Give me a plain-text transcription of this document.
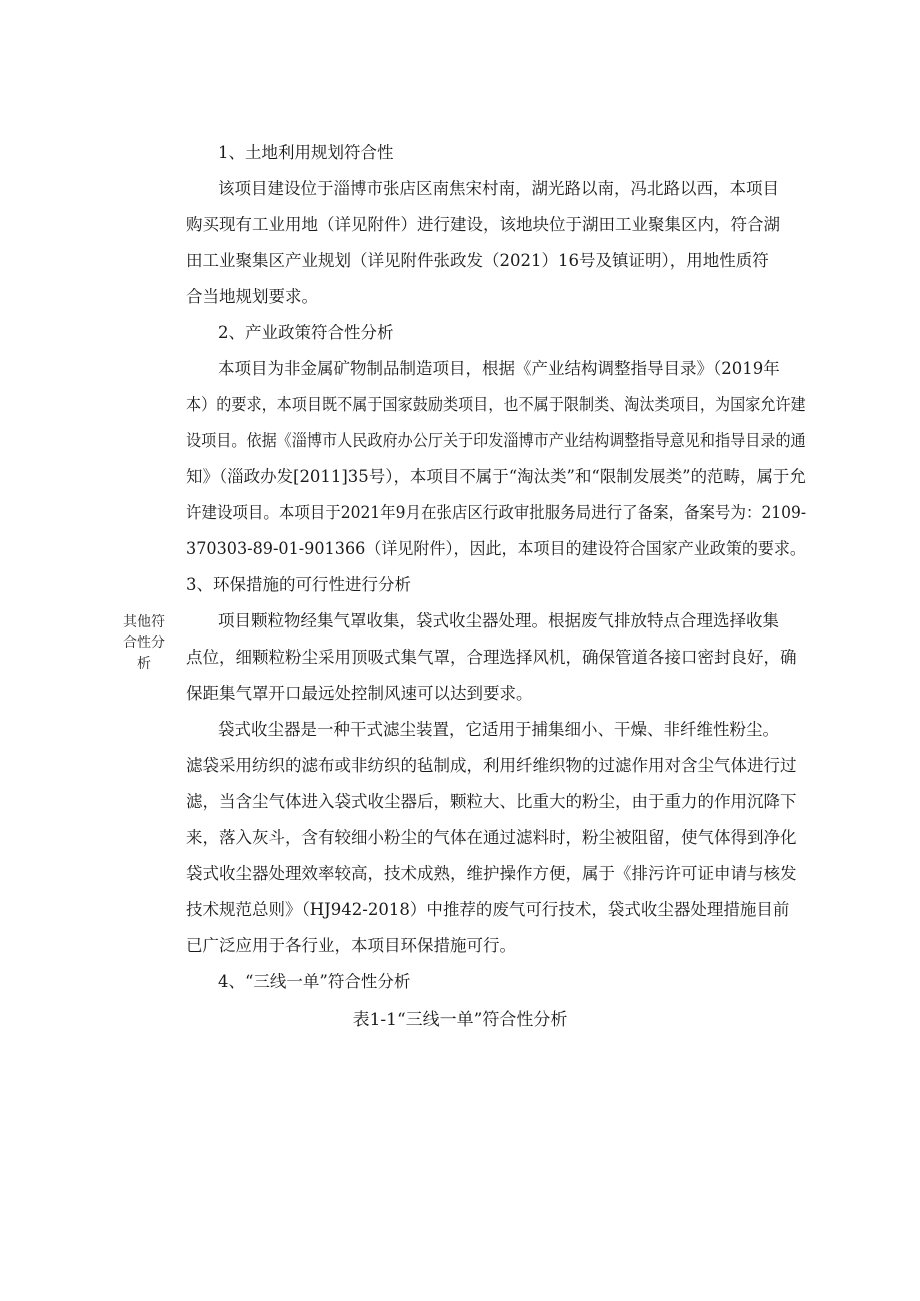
1、土地利用规划符合性
该项目建设位于淄博市张店区南焦宋村南，湖光路以南，冯北路以西，本项目
购买现有工业用地（详见附件）进行建设，该地块位于湖田工业聚集区内，符合湖
田工业聚集区产业规划（详见附件张政发（2021）16号及镇证明），用地性质符
合当地规划要求。
2、产业政策符合性分析
本项目为非金属矿物制品制造项目，根据《产业结构调整指导目录》（2019年
本）的要求，本项目既不属于国家鼓励类项目，也不属于限制类、淘汰类项目，为国家允许建
设项目。依据《淄博市人民政府办公厅关于印发淄博市产业结构调整指导意见和指导目录的通
知》（淄政办发[2011]35号），本项目不属于“淘汰类”和“限制发展类”的范畴，属于允
许建设项目。本项目于2021年9月在张店区行政审批服务局进行了备案，备案号为：2109-
370303-89-01-901366（详见附件），因此，本项目的建设符合国家产业政策的要求。
3、环保措施的可行性进行分析
其他符
合性分
析
项目颗粒物经集气罩收集，袋式收尘器处理。根据废气排放特点合理选择收集
点位，细颗粒粉尘采用顶吸式集气罩，合理选择风机，确保管道各接口密封良好，确
保距集气罩开口最远处控制风速可以达到要求。
袋式收尘器是一种干式滤尘装置，它适用于捕集细小、干燥、非纤维性粉尘。
滤袋采用纺织的滤布或非纺织的毡制成，利用纤维织物的过滤作用对含尘气体进行过
滤，当含尘气体进入袋式收尘器后，颗粒大、比重大的粉尘，由于重力的作用沉降下
来，落入灰斗，含有较细小粉尘的气体在通过滤料时，粉尘被阻留，使气体得到净化
袋式收尘器处理效率较高，技术成熟，维护操作方便，属于《排污许可证申请与核发
技术规范总则》（HJ942-2018）中推荐的废气可行技术，袋式收尘器处理措施目前
已广泛应用于各行业，本项目环保措施可行。
4、“三线一单”符合性分析
表1-1“三线一单”符合性分析
